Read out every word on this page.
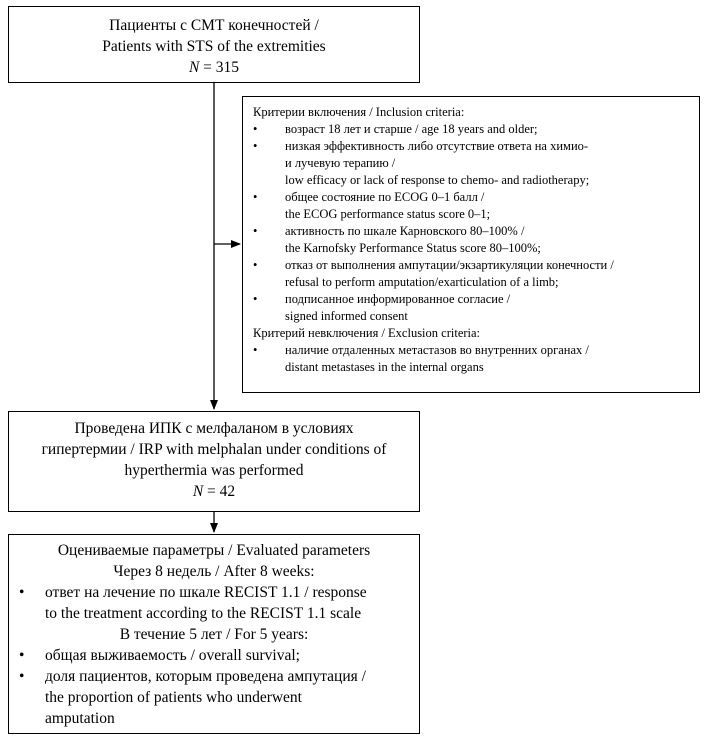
Пациенты с СМТ конечностей /
Patients with STS of the extremities
N = 315
Критерии включения / Inclusion criteria:
• возраст 18 лет и старше / age 18 years and older;
• низкая эффективность либо отсутствие ответа на химио-
и лучевую терапию /
low efficacy or lack of response to chemo- and radiotherapy;
• общее состояние по ECOG 0–1 балл /
the ECOG performance status score 0–1;
• активность по шкале Карновского 80–100% /
the Karnofsky Performance Status score 80–100%;
• отказ от выполнения ампутации/экзартикуляции конечности /
refusal to perform amputation/exarticulation of a limb;
• подписанное информированное согласие /
signed informed consent
Критерий невключения / Exclusion criteria:
• наличие отдаленных метастазов во внутренних органах /
distant metastases in the internal organs
Проведена ИПК с мелфаланом в условиях
гипертермии / IRP with melphalan under conditions of
hyperthermia was performed
N = 42
Оцениваемые параметры / Evaluated parameters
Через 8 недель / After 8 weeks:
• ответ на лечение по шкале RECIST 1.1 / response
to the treatment according to the RECIST 1.1 scale
В течение 5 лет / For 5 years:
• общая выживаемость / overall survival;
• доля пациентов, которым проведена ампутация /
the proportion of patients who underwent
amputation
